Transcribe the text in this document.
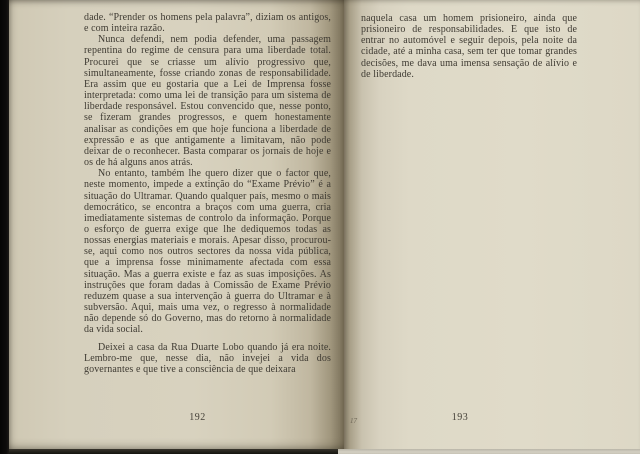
dade. “Prender os homens pela palavra”, diziam os antigos, e com inteira razão.

Nunca defendi, nem podia defender, uma passagem repentina do regime de censura para uma liberdade total. Procurei que se criasse um alívio progressivo que, simultaneamente, fosse criando zonas de responsabilidade. Era assim que eu gostaria que a Lei de Imprensa fosse interpretada: como uma lei de transição para um sistema de liberdade responsável. Estou convencido que, nesse ponto, se fizeram grandes progressos, e quem honestamente analisar as condições em que hoje funciona a liberdade de expressão e as que antigamente a limitavam, não pode deixar de o reconhecer. Basta comparar os jornais de hoje e os de há alguns anos atrás.

No entanto, também lhe quero dizer que o factor que, neste momento, impede a extinção do “Exame Prévio” é a situação do Ultramar. Quando qualquer país, mesmo o mais democrático, se encontra a braços com uma guerra, cria imediatamente sistemas de controlo da informação. Porque o esforço de guerra exige que lhe dediquemos todas as nossas energias materiais e morais. Apesar disso, procurou-se, aqui como nos outros sectores da nossa vida pública, que a imprensa fosse minimamente afectada com essa situação. Mas a guerra existe e faz as suas imposições. As instruções que foram dadas à Comissão de Exame Prévio reduzem quase a sua intervenção à guerra do Ultramar e à subversão. Aqui, mais uma vez, o regresso à normalidade não depende só do Governo, mas do retorno à normalidade da vida social.

Deixei a casa da Rua Duarte Lobo quando já era noite. Lembro-me que, nesse dia, não invejei a vida dos governantes e que tive a consciência de que deixara

naquela casa um homem prisioneiro, ainda que prisioneiro de responsabilidades. E que isto de entrar no automóvel e seguir depois, pela noite da cidade, até a minha casa, sem ter que tomar grandes decisões, me dava uma imensa sensação de alívio e de liberdade.

192	17	193
